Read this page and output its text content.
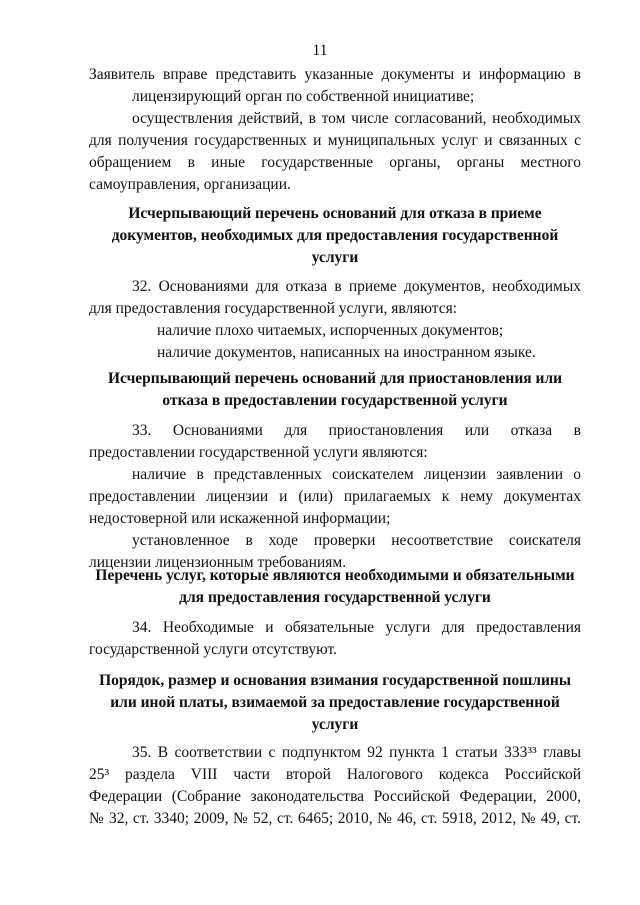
11
Заявитель вправе представить указанные документы и информацию в
лицензирующий орган по собственной инициативе;
осуществления действий, в том числе согласований, необходимых
для получения государственных и муниципальных услуг и связанных с
обращением в иные государственные органы, органы местного
самоуправления, организации.
Исчерпывающий перечень оснований для отказа в приеме
документов, необходимых для предоставления государственной
услуги
32. Основаниями для отказа в приеме документов, необходимых
для предоставления государственной услуги, являются:
наличие плохо читаемых, испорченных документов;
наличие документов, написанных на иностранном языке.
Исчерпывающий перечень оснований для приостановления или
отказа в предоставлении государственной услуги
33. Основаниями для приостановления или отказа в
предоставлении государственной услуги являются:
наличие в представленных соискателем лицензии заявлении о
предоставлении лицензии и (или) прилагаемых к нему документах
недостоверной или искаженной информации;
установленное в ходе проверки несоответствие соискателя
лицензии лицензионным требованиям.
Перечень услуг, которые являются необходимыми и обязательными
для предоставления государственной услуги
34. Необходимые и обязательные услуги для предоставления
государственной услуги отсутствуют.
Порядок, размер и основания взимания государственной пошлины
или иной платы, взимаемой за предоставление государственной
услуги
35. В соответствии с подпунктом 92 пункта 1 статьи 333³³ главы
25³ раздела VIII части второй Налогового кодекса Российской
Федерации (Собрание законодательства Российской Федерации, 2000,
№ 32, ст. 3340; 2009, № 52, ст. 6465; 2010, № 46, ст. 5918, 2012, № 49, ст.
